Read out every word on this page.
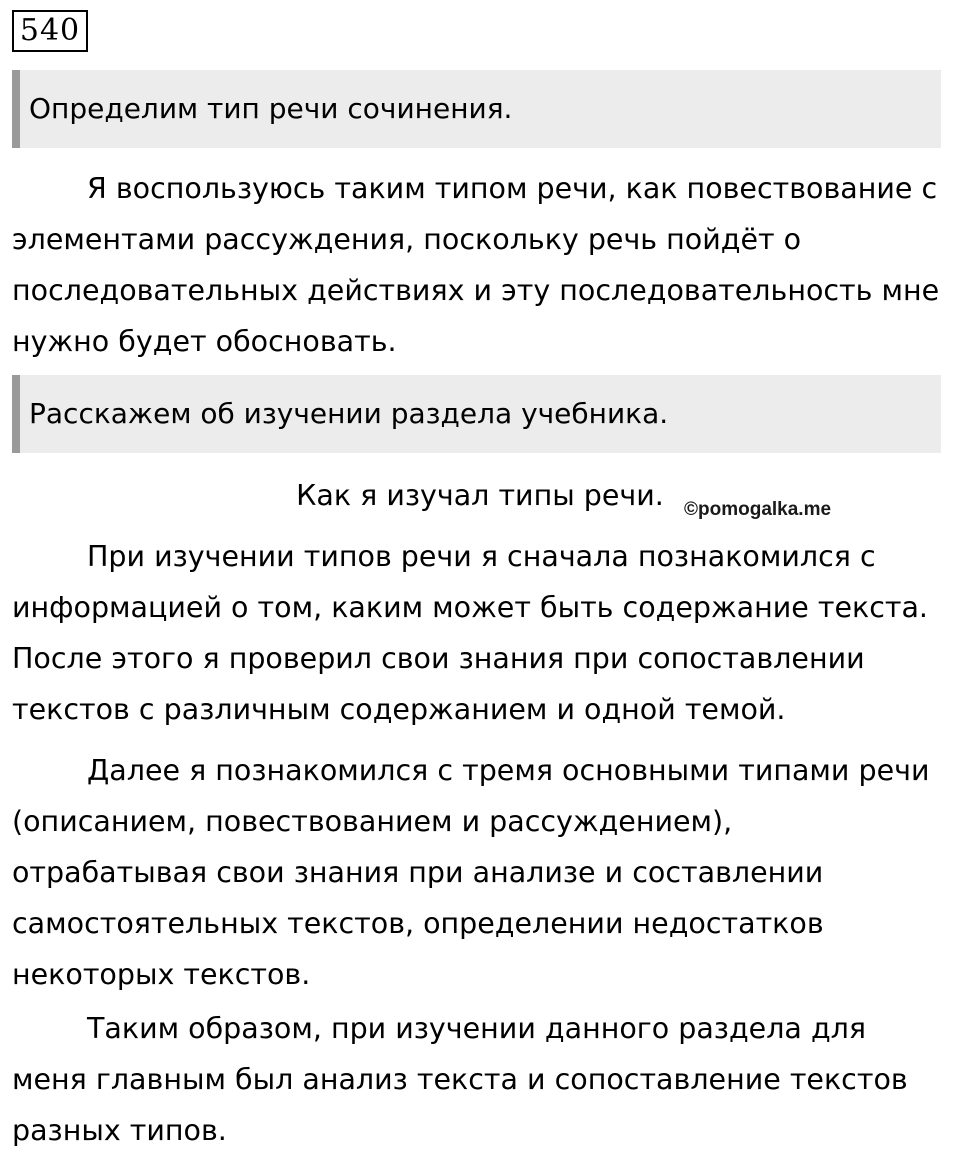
540
Определим тип речи сочинения.

Я воспользуюсь таким типом речи, как повествование с
элементами рассуждения, поскольку речь пойдёт о
последовательных действиях и эту последовательность мне
нужно будет обосновать.

Расскажем об изучении раздела учебника.
Как я изучал типы речи.	©pomogalka.me

При изучении типов речи я сначала познакомился с
информацией о том, каким может быть содержание текста.
После этого я проверил свои знания при сопоставлении
текстов с различным содержанием и одной темой.

Далее я познакомился с тремя основными типами речи
(описанием, повествованием и рассуждением),
отрабатывая свои знания при анализе и составлении
самостоятельных текстов, определении недостатков
некоторых текстов.

Таким образом, при изучении данного раздела для
меня главным был анализ текста и сопоставление текстов
разных типов.
